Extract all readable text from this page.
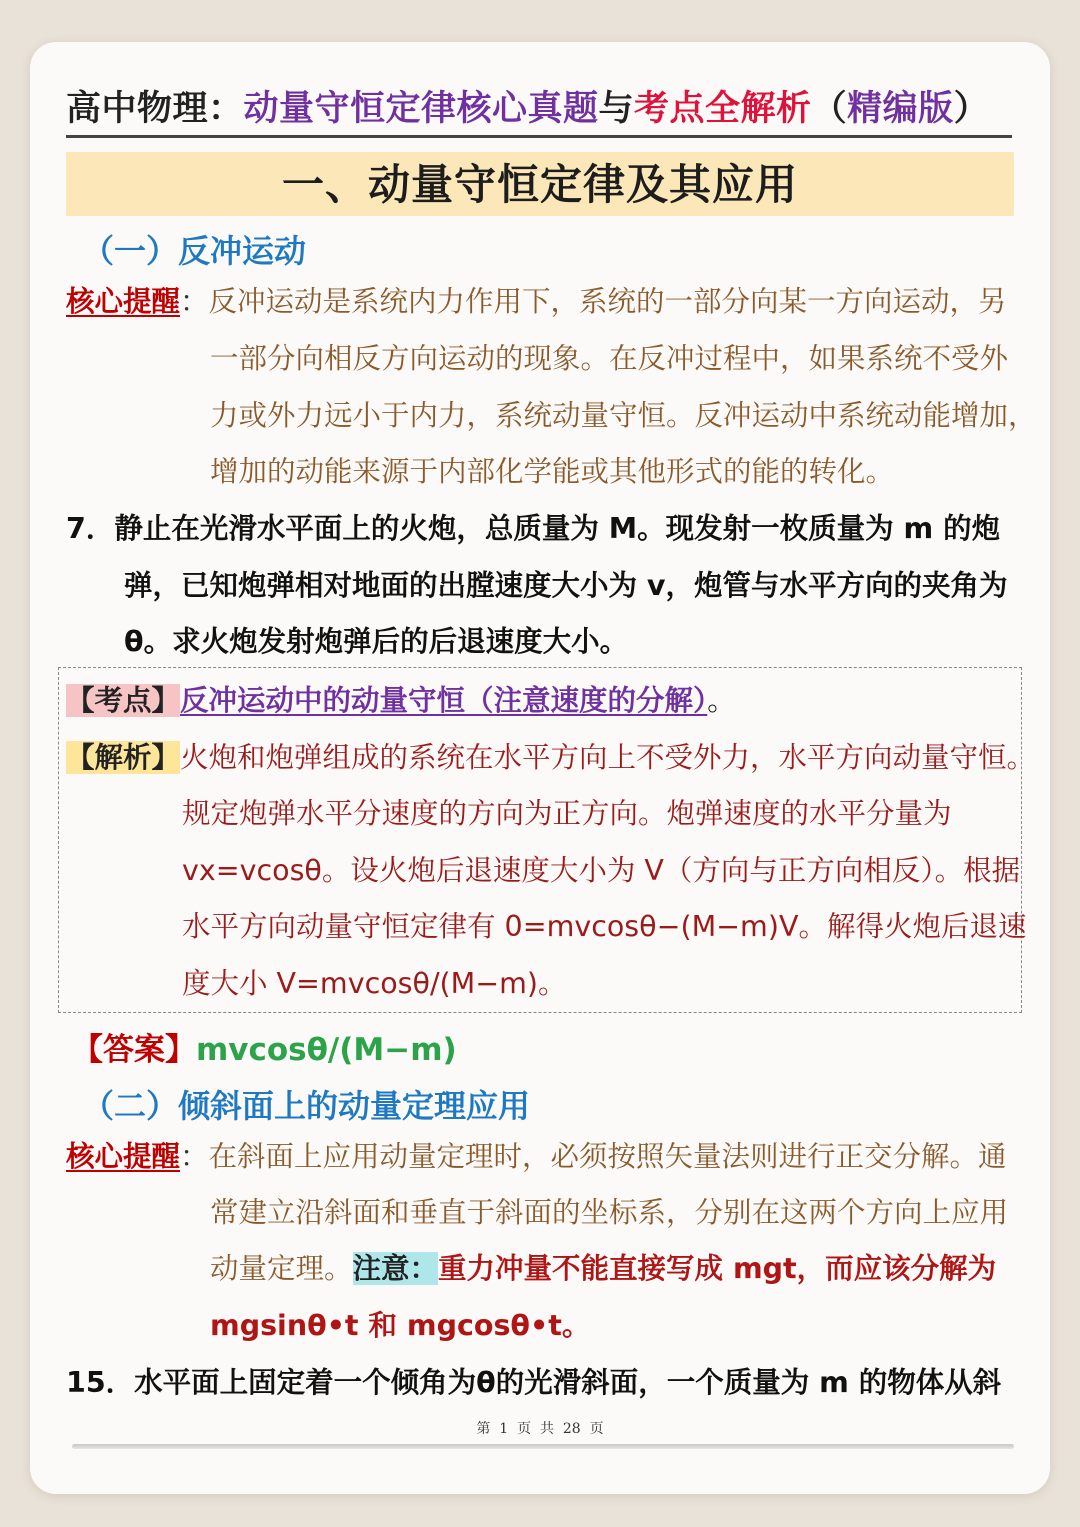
高中物理：动量守恒定律核心真题与考点全解析（精编版）
一、动量守恒定律及其应用
（一）反冲运动
核心提醒：反冲运动是系统内力作用下，系统的一部分向某一方向运动，另
一部分向相反方向运动的现象。在反冲过程中，如果系统不受外
力或外力远小于内力，系统动量守恒。反冲运动中系统动能增加，
增加的动能来源于内部化学能或其他形式的能的转化。
7．静止在光滑水平面上的火炮，总质量为 M。现发射一枚质量为 m 的炮
弹，已知炮弹相对地面的出膛速度大小为 v，炮管与水平方向的夹角为
θ。求火炮发射炮弹后的后退速度大小。
【考点】反冲运动中的动量守恒（注意速度的分解）。
【解析】火炮和炮弹组成的系统在水平方向上不受外力，水平方向动量守恒。
规定炮弹水平分速度的方向为正方向。炮弹速度的水平分量为
vx=vcosθ。设火炮后退速度大小为 V（方向与正方向相反）。根据
水平方向动量守恒定律有 0=mvcosθ−(M−m)V。解得火炮后退速
度大小 V=mvcosθ/(M−m)。
【答案】mvcosθ/(M−m)
（二）倾斜面上的动量定理应用
核心提醒：在斜面上应用动量定理时，必须按照矢量法则进行正交分解。通
常建立沿斜面和垂直于斜面的坐标系，分别在这两个方向上应用
动量定理。注意：重力冲量不能直接写成 mgt，而应该分解为
mgsinθ•t 和 mgcosθ•t。
15．水平面上固定着一个倾角为θ的光滑斜面，一个质量为 m 的物体从斜
第  1  页  共  28  页
